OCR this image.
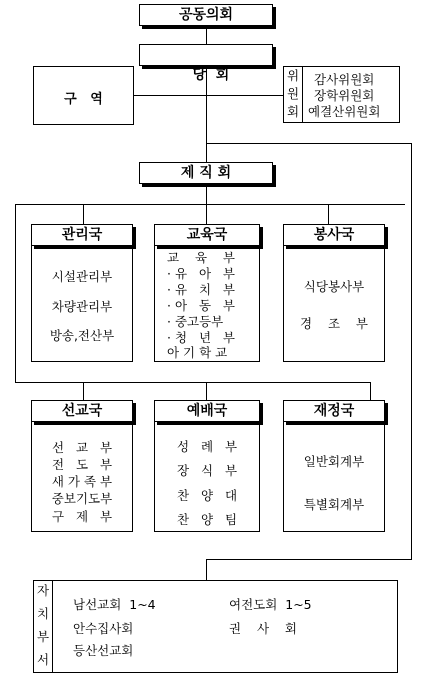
공동의회

당  회

구   역
위
원
회
감사위원회
장학위원회
예결산위원회
제 직 회
관리국
시설관리부
차량관리부
방송,전산부
교육국
교    육    부
· 유   아   부
· 유   치   부
· 아   동   부
· 중고등부
· 청   년   부
아 기 학 교
봉사국
식당봉사부
경    조    부
선교국
선   교   부
전   도   부
새 가 족 부
중보기도부
구   제   부
예배국
성   례   부
장   식   부
찬   양   대
찬   양   팀
재정국
일반회계부
특별회계부
자
치
부
서
남선교회  1~4
안수집사회
등산선교회
여전도회  1~5
권    사    회
